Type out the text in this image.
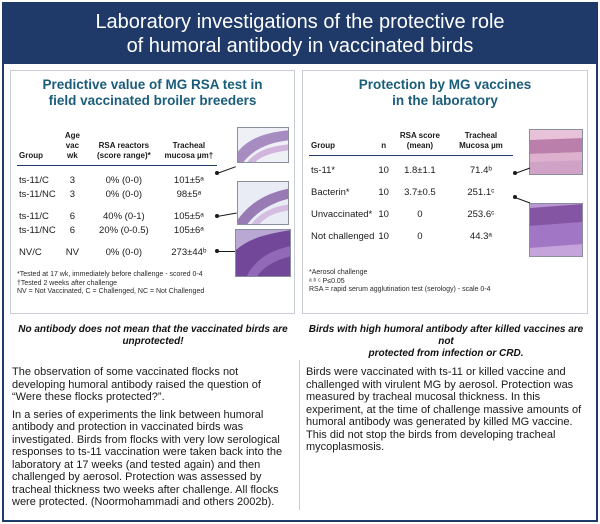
Laboratory investigations of the protective role
of humoral antibody in vaccinated birds
Predictive value of MG RSA test in
field vaccinated broiler breeders
Group	Age vac wk	RSA reactors (score range)*	Tracheal mucosa µm†

ts-11/C	3	0% (0-0)	101±5ᵃ
ts-11/NC	3	0% (0-0)	98±5ᵃ

ts-11/C	6	40% (0-1)	105±5ᵃ
ts-11/NC	6	20% (0-0.5)	105±6ᵃ

NV/C	NV	0% (0-0)	273±44ᵇ
*Tested at 17 wk, immediately before challenge - scored 0-4
†Tested 2 weeks after challenge
NV = Not Vaccinated, C = Challenged, NC = Not Challenged
Protection by MG vaccines
in the laboratory
Group	n	RSA score (mean)	Tracheal Mucosa µm

ts-11*	10	1.8±1.1	71.4ᵇ

Bacterin*	10	3.7±0.5	251.1ᶜ

Unvaccinated*	10	0	253.6ᶜ

Not challenged	10	0	44.3ᵃ
*Aerosol challenge
ᵃ ᵇ ᶜ P≤0.05
RSA = rapid serum agglutination test (serology) - scale 0-4
No antibody does not mean that the vaccinated birds are
unprotected!
Birds with high humoral antibody after killed vaccines are not
protected from infection or CRD.

The observation of some vaccinated flocks not
developing humoral antibody raised the question of
“Were these flocks protected?”.

In a series of experiments the link between humoral
antibody and protection in vaccinated birds was
investigated. Birds from flocks with very low serological
responses to ts-11 vaccination were taken back into the
laboratory at 17 weeks (and tested again) and then
challenged by aerosol. Protection was assessed by
tracheal thickness two weeks after challenge. All flocks
were protected. (Noormohammadi and others 2002b).

Birds were vaccinated with ts-11 or killed vaccine and
challenged with virulent MG by aerosol. Protection was
measured by tracheal mucosal thickness. In this
experiment, at the time of challenge massive amounts of
humoral antibody was generated by killed MG vaccine.
This did not stop the birds from developing tracheal
mycoplasmosis.
